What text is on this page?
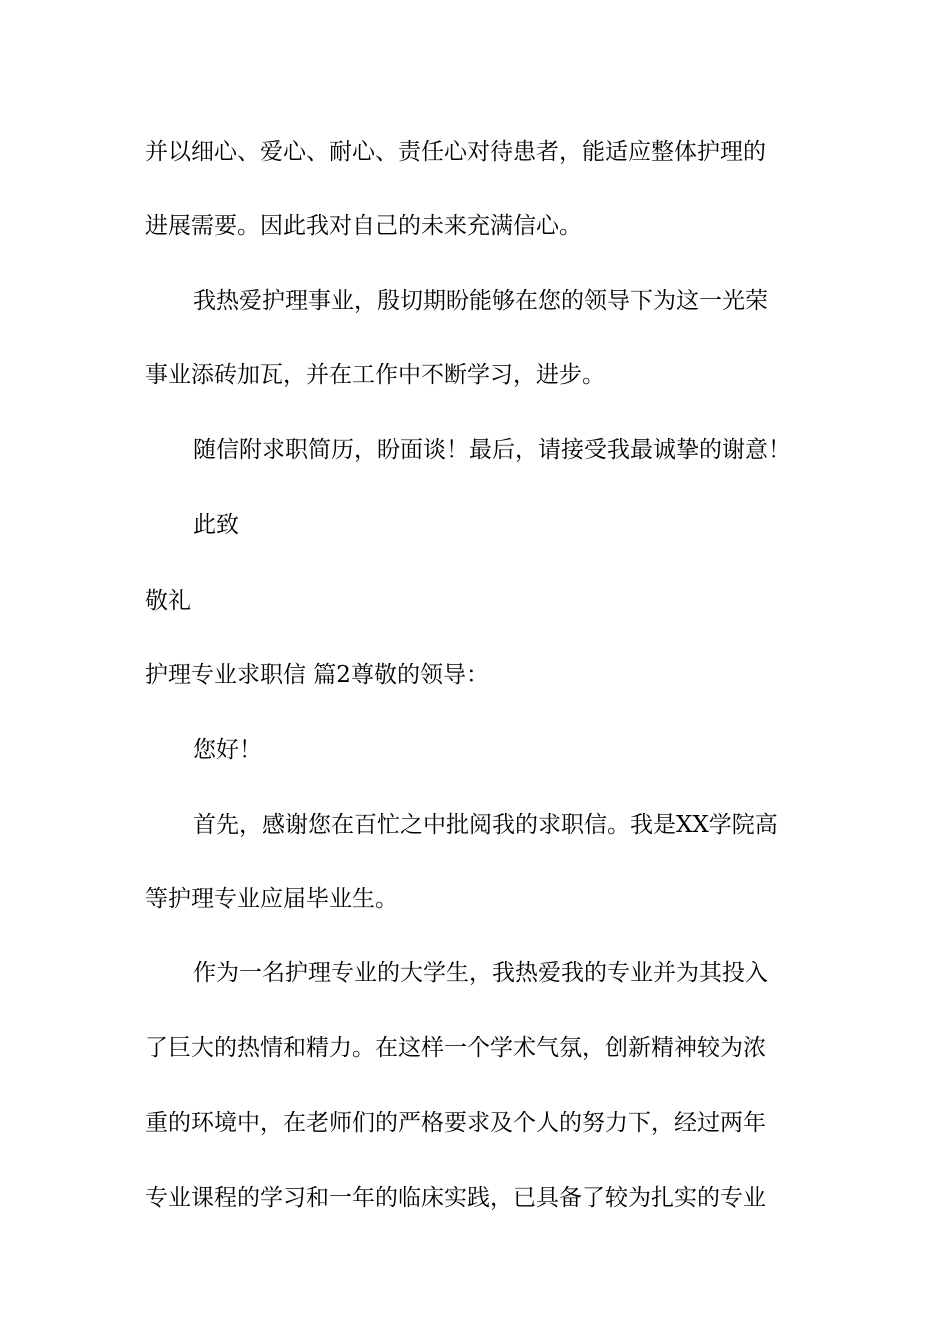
并以细心、爱心、耐心、责任心对待患者，能适应整体护理的
进展需要。因此我对自己的未来充满信心。
我热爱护理事业，殷切期盼能够在您的领导下为这一光荣
事业添砖加瓦，并在工作中不断学习，进步。
随信附求职简历，盼面谈！最后，请接受我最诚挚的谢意！
此致
敬礼
护理专业求职信 篇2尊敬的领导：
您好！
首先，感谢您在百忙之中批阅我的求职信。我是XX学院高
等护理专业应届毕业生。
作为一名护理专业的大学生，我热爱我的专业并为其投入
了巨大的热情和精力。在这样一个学术气氛，创新精神较为浓
重的环境中，在老师们的严格要求及个人的努力下，经过两年
专业课程的学习和一年的临床实践，已具备了较为扎实的专业
